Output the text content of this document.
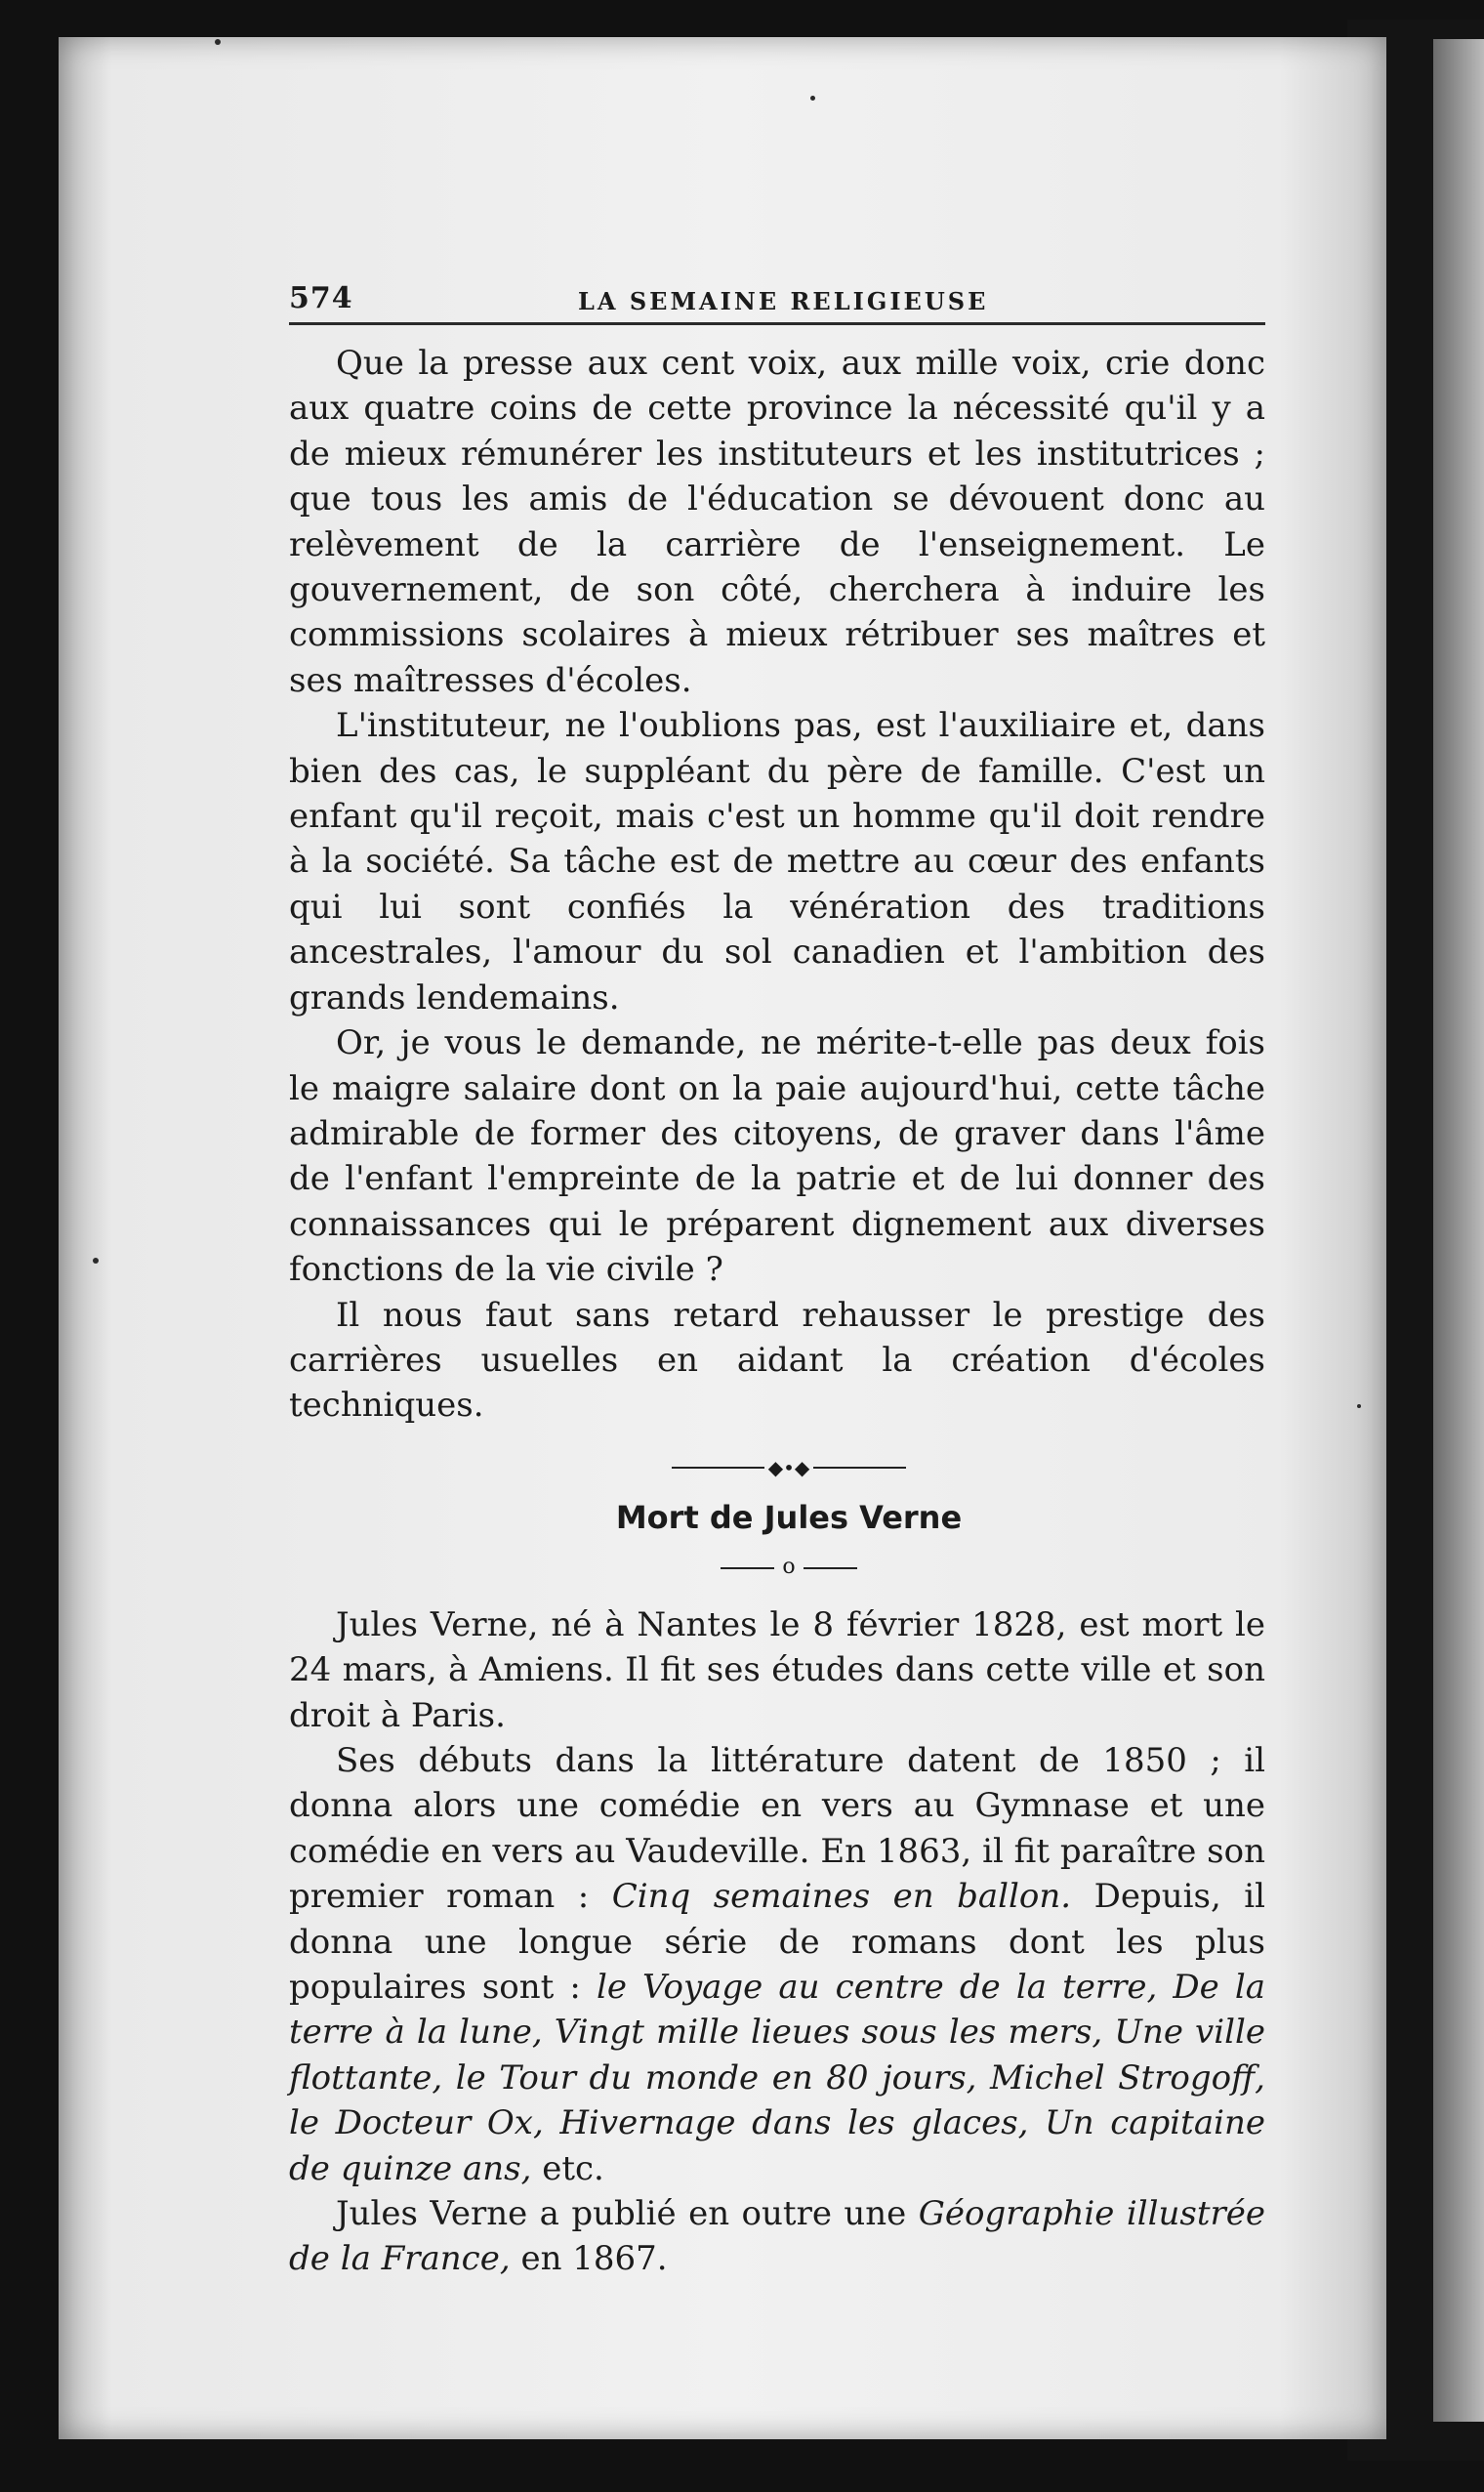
574	LA SEMAINE RELIGIEUSE

Que la presse aux cent voix, aux mille voix, crie donc aux quatre coins de cette province la nécessité qu'il y a de mieux rémunérer les instituteurs et les institutrices ; que tous les amis de l'éducation se dévouent donc au relèvement de la carrière de l'enseignement. Le gouvernement, de son côté, cherchera à induire les commissions scolaires à mieux rétribuer ses maîtres et ses maîtresses d'écoles.

L'instituteur, ne l'oublions pas, est l'auxiliaire et, dans bien des cas, le suppléant du père de famille. C'est un enfant qu'il reçoit, mais c'est un homme qu'il doit rendre à la société. Sa tâche est de mettre au cœur des enfants qui lui sont confiés la vénération des traditions ancestrales, l'amour du sol canadien et l'ambition des grands lendemains.

Or, je vous le demande, ne mérite-t-elle pas deux fois le maigre salaire dont on la paie aujourd'hui, cette tâche admirable de former des citoyens, de graver dans l'âme de l'enfant l'empreinte de la patrie et de lui donner des connaissances qui le préparent dignement aux diverses fonctions de la vie civile ?

Il nous faut sans retard rehausser le prestige des carrières usuelles en aidant la création d'écoles techniques.

◆•◆
Mort de Jules Verne
o

Jules Verne, né à Nantes le 8 février 1828, est mort le 24 mars, à Amiens. Il fit ses études dans cette ville et son droit à Paris.

Ses débuts dans la littérature datent de 1850 ; il donna alors une comédie en vers au Gymnase et une comédie en vers au Vaudeville. En 1863, il fit paraître son premier roman : Cinq semaines en ballon. Depuis, il donna une longue série de romans dont les plus populaires sont : le Voyage au centre de la terre, De la terre à la lune, Vingt mille lieues sous les mers, Une ville flottante, le Tour du monde en 80 jours, Michel Strogoff, le Docteur Ox, Hivernage dans les glaces, Un capitaine de quinze ans, etc.

Jules Verne a publié en outre une Géographie illustrée de la France, en 1867.
